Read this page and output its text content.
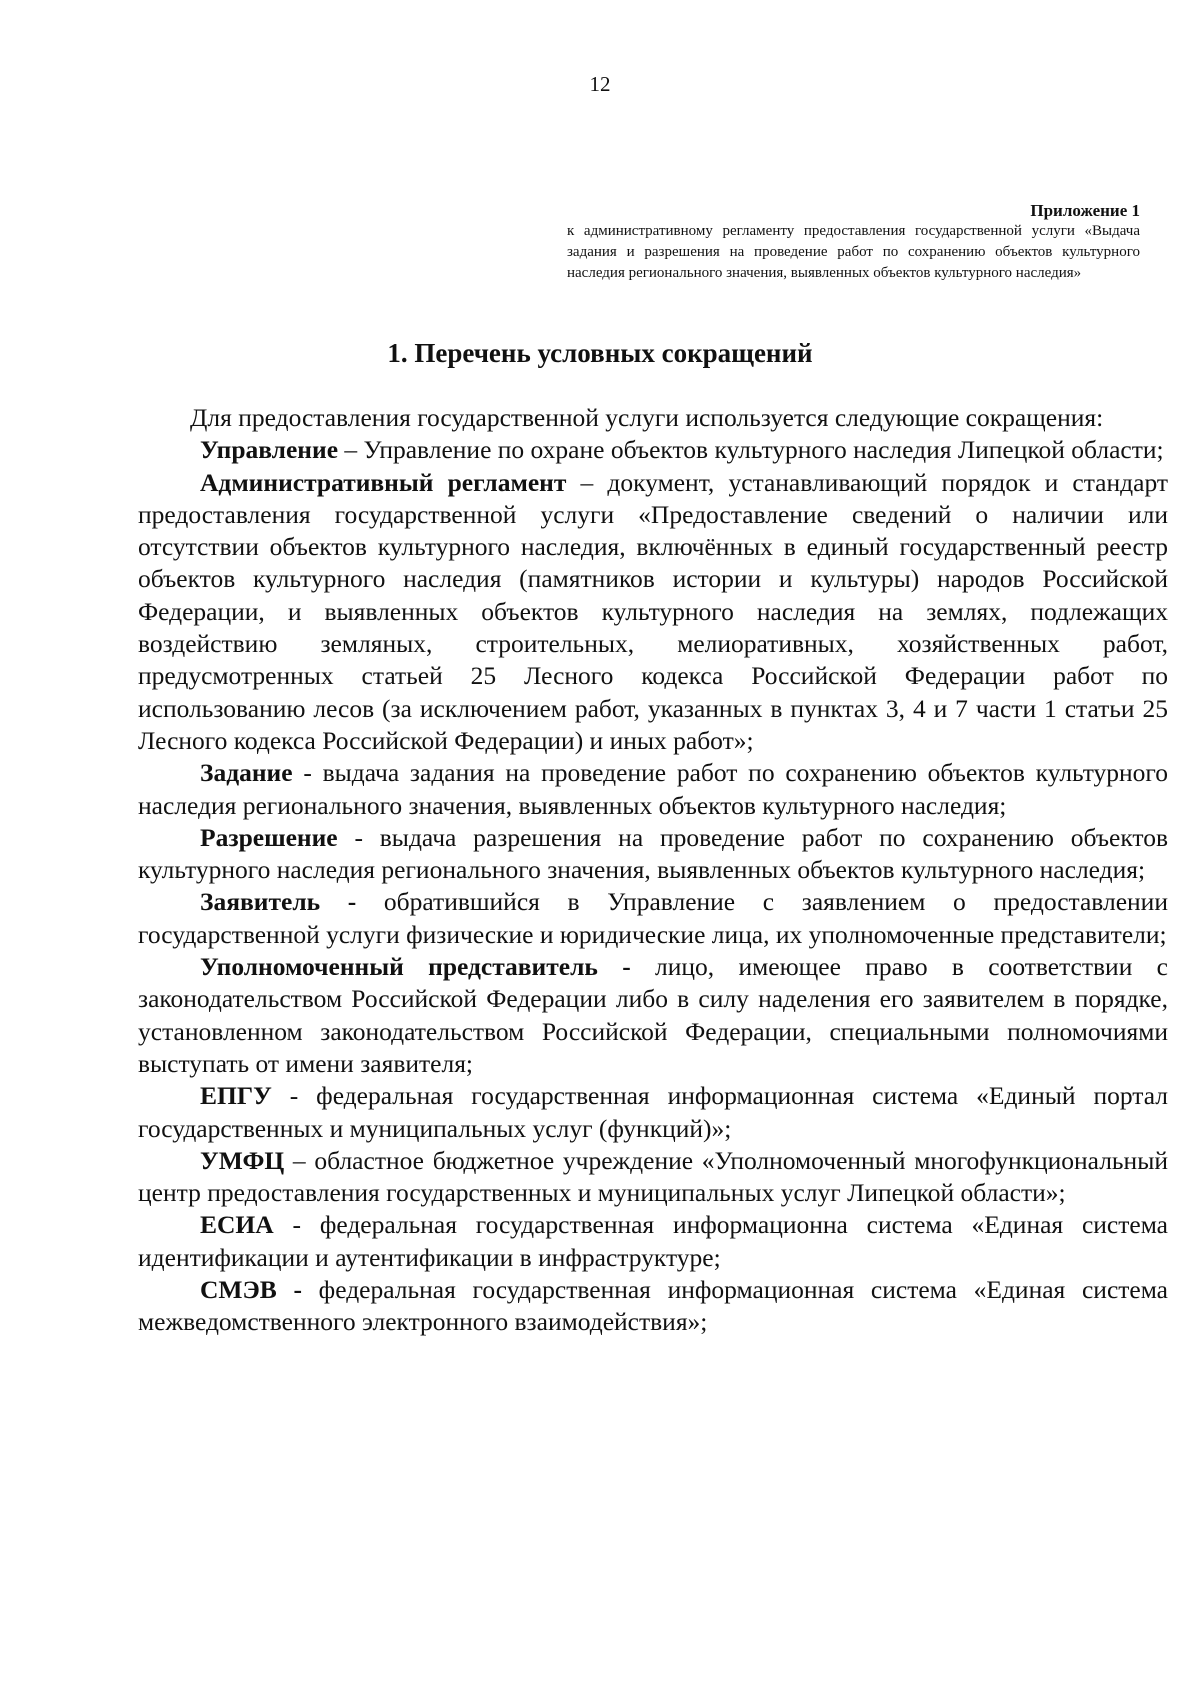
12
Приложение 1
к административному регламенту предоставления государственной услуги «Выдача задания и разрешения на проведение работ по сохранению объектов культурного наследия регионального значения, выявленных объектов культурного наследия»
1. Перечень условных сокращений

Для предоставления государственной услуги используется следующие сокращения:

Управление – Управление по охране объектов культурного наследия Липецкой области;

Административный регламент – документ, устанавливающий порядок и стандарт предоставления государственной услуги «Предоставление сведений о наличии или отсутствии объектов культурного наследия, включённых в единый государственный реестр объектов культурного наследия (памятников истории и культуры) народов Российской Федерации, и выявленных объектов культурного наследия на землях, подлежащих воздействию земляных, строительных, мелиоративных, хозяйственных работ, предусмотренных статьей 25 Лесного кодекса Российской Федерации работ по использованию лесов (за исключением работ, указанных в пунктах 3, 4 и 7 части 1 статьи 25 Лесного кодекса Российской Федерации) и иных работ»;

Задание - выдача задания на проведение работ по сохранению объектов культурного наследия регионального значения, выявленных объектов культурного наследия;

Разрешение - выдача разрешения на проведение работ по сохранению объектов культурного наследия регионального значения, выявленных объектов культурного наследия;

Заявитель - обратившийся в Управление с заявлением о предоставлении государственной услуги физические и юридические лица, их уполномоченные представители;

Уполномоченный представитель - лицо, имеющее право в соответствии с законодательством Российской Федерации либо в силу наделения его заявителем в порядке, установленном законодательством Российской Федерации, специальными полномочиями выступать от имени заявителя;

ЕПГУ - федеральная государственная информационная система «Единый портал государственных и муниципальных услуг (функций)»;

УМФЦ – областное бюджетное учреждение «Уполномоченный многофункциональный центр предоставления государственных и муниципальных услуг Липецкой области»;

ЕСИА - федеральная государственная информационна система «Единая система идентификации и аутентификации в инфраструктуре;

СМЭВ - федеральная государственная информационная система «Единая система межведомственного электронного взаимодействия»;
